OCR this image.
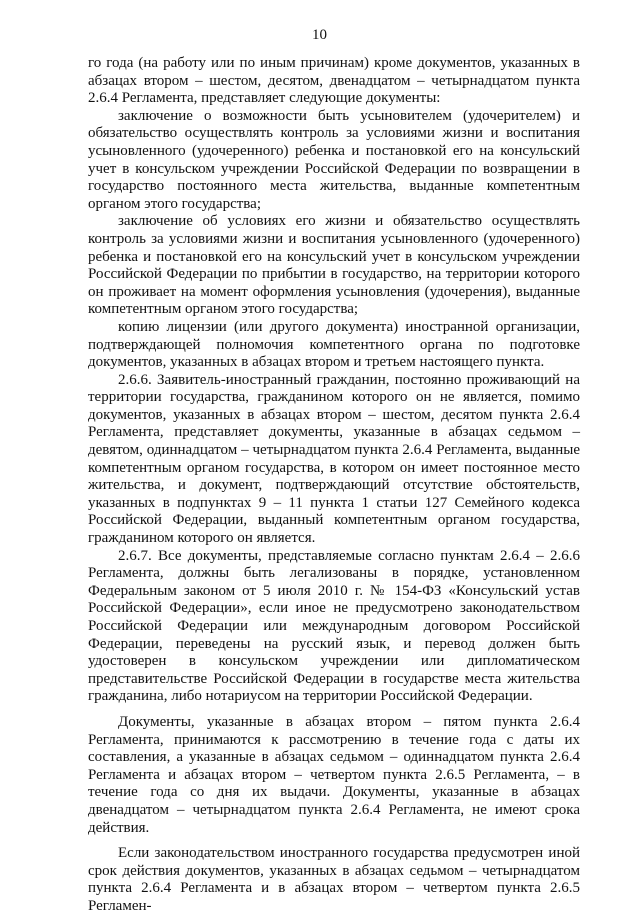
10

го года (на работу или по иным причинам) кроме документов, указанных в абзацах втором – шестом, десятом, двенадцатом – четырнадцатом пункта 2.6.4 Регламента, представляет следующие документы:

заключение о возможности быть усыновителем (удочерителем) и обязательство осуществлять контроль за условиями жизни и воспитания усыновленного (удочеренного) ребенка и постановкой его на консульский учет в консульском учреждении Российской Федерации по возвращении в государство постоянного места жительства, выданные компетентным органом этого государства;

заключение об условиях его жизни и обязательство осуществлять контроль за условиями жизни и воспитания усыновленного (удочеренного) ребенка и постановкой его на консульский учет в консульском учреждении Российской Федерации по прибытии в государство, на территории которого он проживает на момент оформления усыновления (удочерения), выданные компетентным органом этого государства;

копию лицензии (или другого документа) иностранной организации, подтверждающей полномочия компетентного органа по подготовке документов, указанных в абзацах втором и третьем настоящего пункта.

2.6.6. Заявитель-иностранный гражданин, постоянно проживающий на территории государства, гражданином которого он не является, помимо документов, указанных в абзацах втором – шестом, десятом пункта 2.6.4 Регламента, представляет документы, указанные в абзацах седьмом – девятом, одиннадцатом – четырнадцатом пункта 2.6.4 Регламента, выданные компетентным органом государства, в котором он имеет постоянное место жительства, и документ, подтверждающий отсутствие обстоятельств, указанных в подпунктах 9 – 11 пункта 1 статьи 127 Семейного кодекса Российской Федерации, выданный компетентным органом государства, гражданином которого он является.

2.6.7. Все документы, представляемые согласно пунктам 2.6.4 – 2.6.6 Регламента, должны быть легализованы в порядке, установленном Федеральным законом от 5 июля 2010 г. № 154-ФЗ «Консульский устав Российской Федерации», если иное не предусмотрено законодательством Российской Федерации или международным договором Российской Федерации, переведены на русский язык, и перевод должен быть удостоверен в консульском учреждении или дипломатическом представительстве Российской Федерации в государстве места жительства гражданина, либо нотариусом на территории Российской Федерации.

Документы, указанные в абзацах втором – пятом пункта 2.6.4 Регламента, принимаются к рассмотрению в течение года с даты их составления, а указанные в абзацах седьмом – одиннадцатом пункта 2.6.4 Регламента и абзацах втором – четвертом пункта 2.6.5 Регламента, – в течение года со дня их выдачи. Документы, указанные в абзацах двенадцатом – четырнадцатом пункта 2.6.4 Регламента, не имеют срока действия.

Если законодательством иностранного государства предусмотрен иной срок действия документов, указанных в абзацах седьмом – четырнадцатом пункта 2.6.4 Регламента и в абзацах втором – четвертом пункта 2.6.5 Регламен-
